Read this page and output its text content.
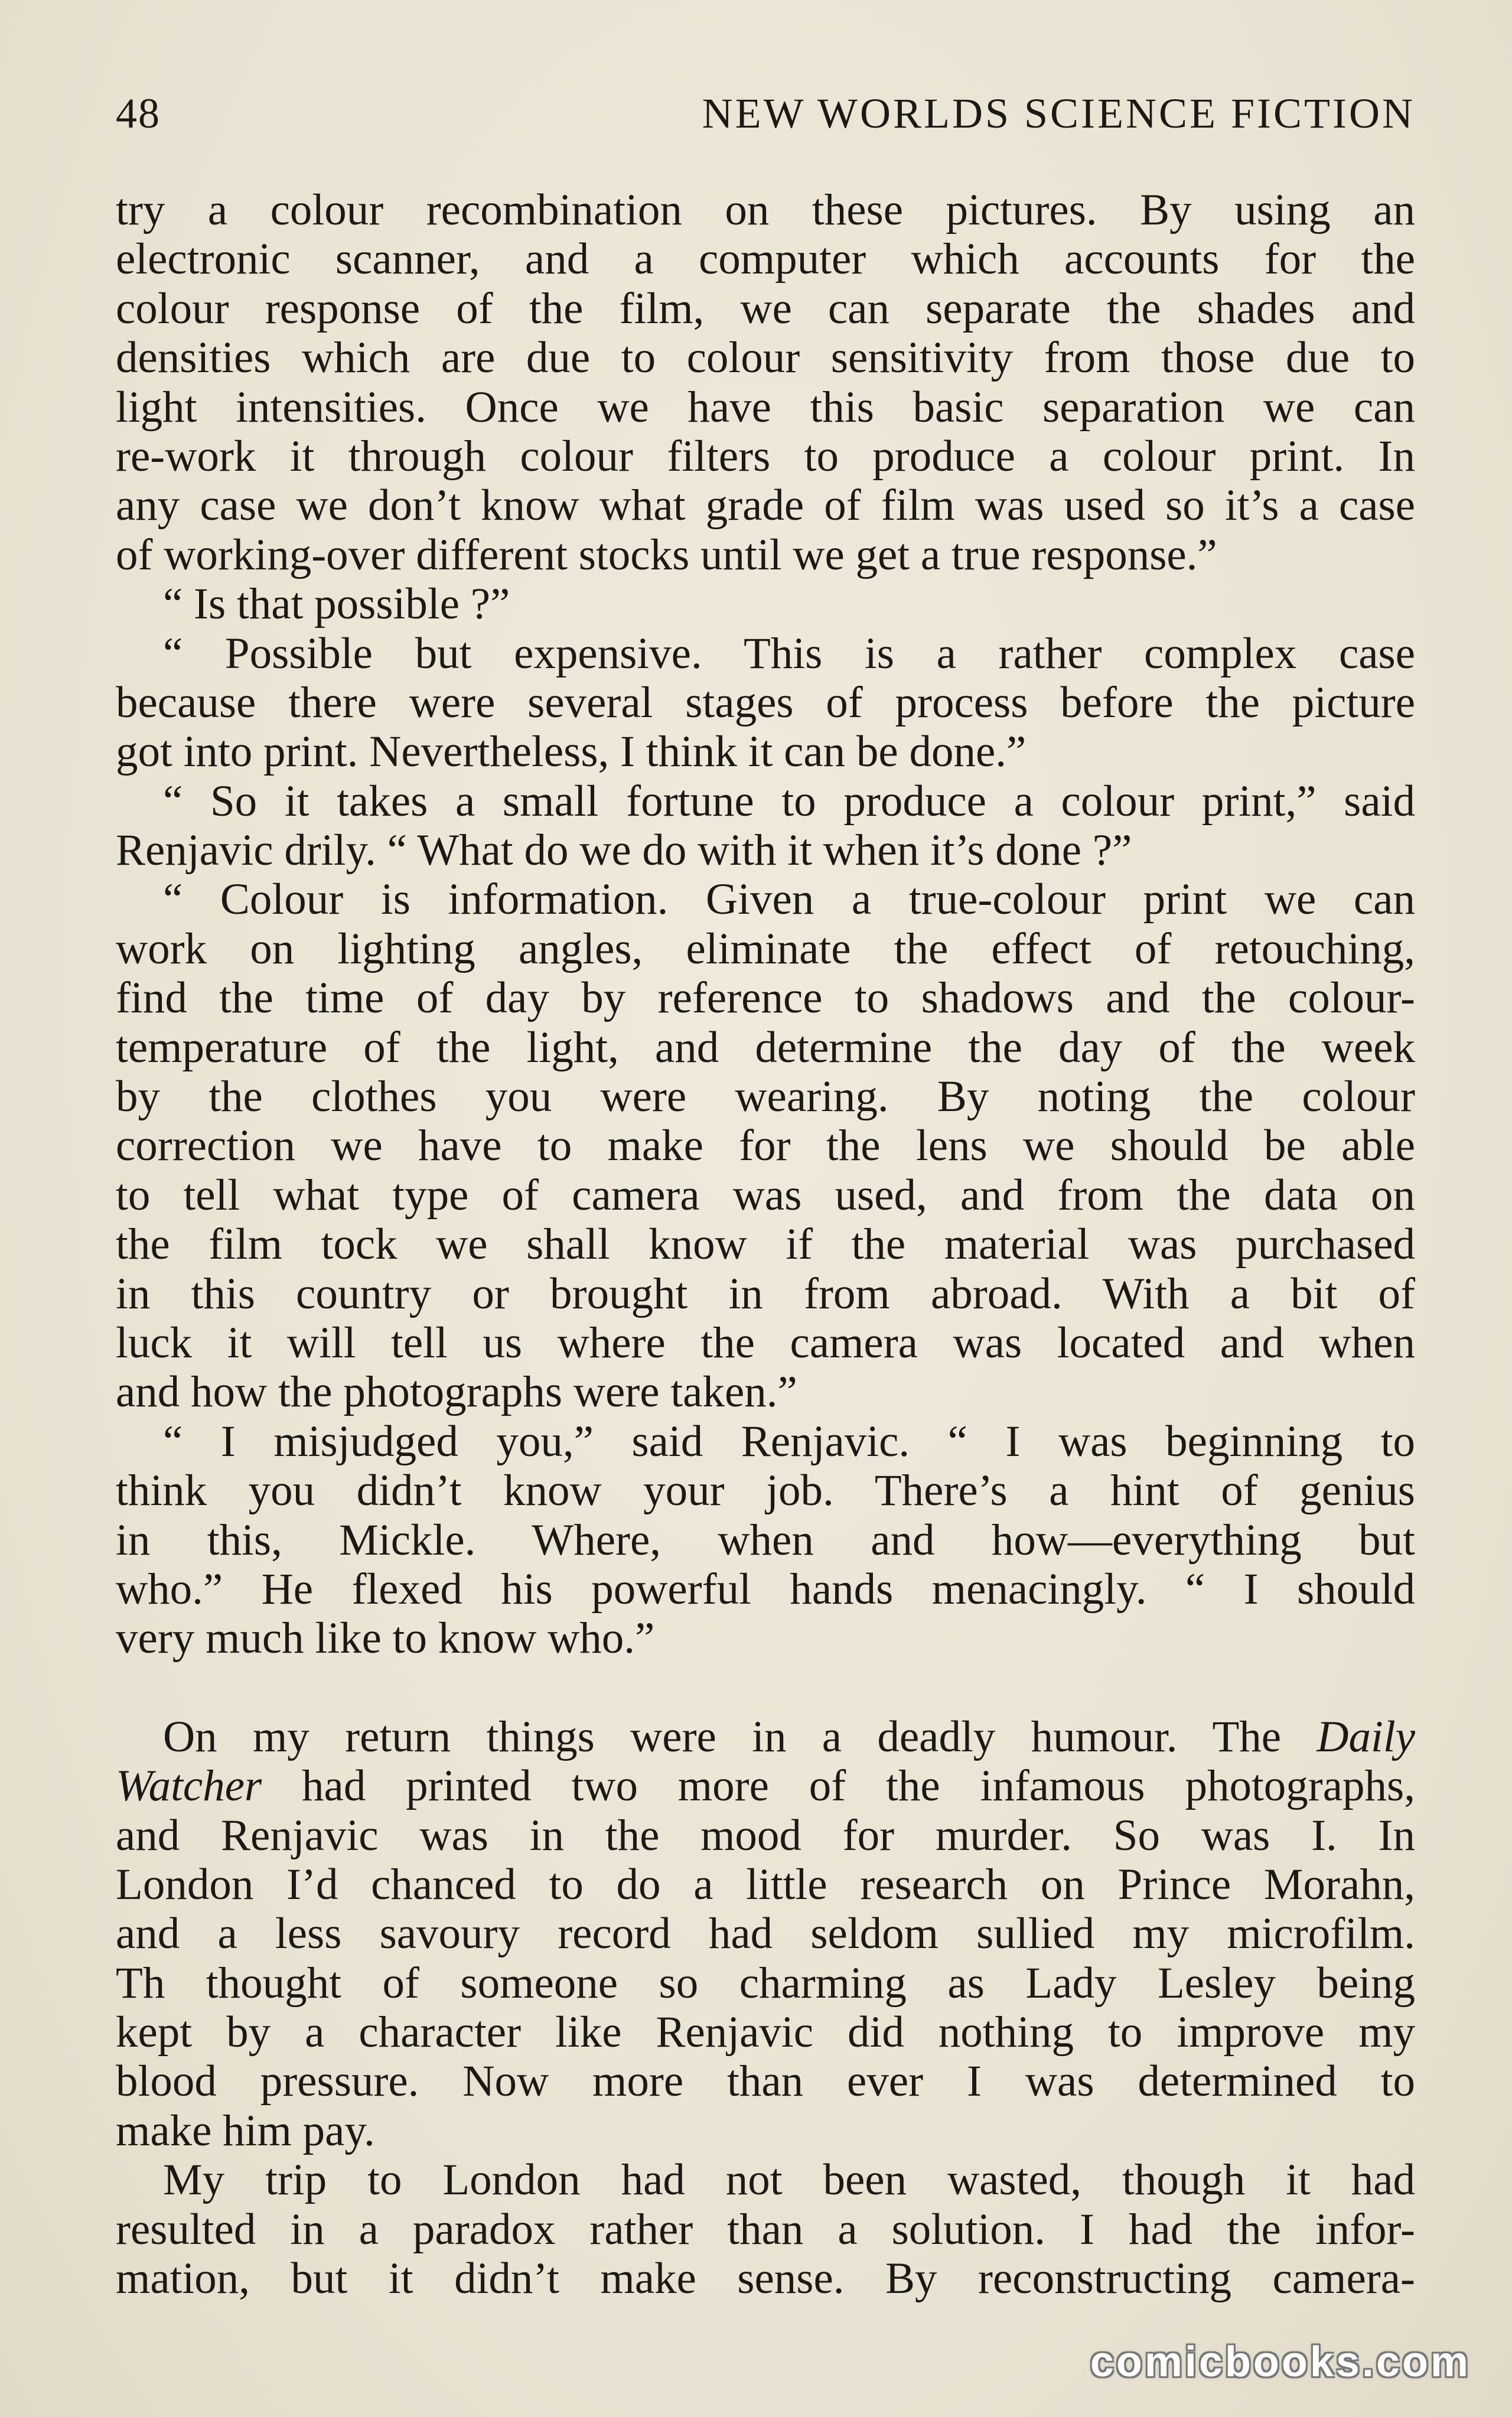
48	NEW WORLDS SCIENCE FICTION
try a colour recombination on these pictures. By using an
electronic scanner, and a computer which accounts for the
colour response of the film, we can separate the shades and
densities which are due to colour sensitivity from those due to
light intensities. Once we have this basic separation we can
re-work it through colour filters to produce a colour print. In
any case we don’t know what grade of film was used so it’s a case
of working-over different stocks until we get a true response.”
“ Is that possible ?”
“ Possible but expensive. This is a rather complex case
because there were several stages of process before the picture
got into print. Nevertheless, I think it can be done.”
“ So it takes a small fortune to produce a colour print,” said
Renjavic drily. “ What do we do with it when it’s done ?”
“ Colour is information. Given a true-colour print we can
work on lighting angles, eliminate the effect of retouching,
find the time of day by reference to shadows and the colour-
temperature of the light, and determine the day of the week
by the clothes you were wearing. By noting the colour
correction we have to make for the lens we should be able
to tell what type of camera was used, and from the data on
the film tock we shall know if the material was purchased
in this country or brought in from abroad. With a bit of
luck it will tell us where the camera was located and when
and how the photographs were taken.”
“ I misjudged you,” said Renjavic. “ I was beginning to
think you didn’t know your job. There’s a hint of genius
in this, Mickle. Where, when and how—everything but
who.” He flexed his powerful hands menacingly. “ I should
very much like to know who.”
On my return things were in a deadly humour. The Daily
Watcher had printed two more of the infamous photographs,
and Renjavic was in the mood for murder. So was I. In
London I’d chanced to do a little research on Prince Morahn,
and a less savoury record had seldom sullied my microfilm.
Th thought of someone so charming as Lady Lesley being
kept by a character like Renjavic did nothing to improve my
blood pressure. Now more than ever I was determined to
make him pay.
My trip to London had not been wasted, though it had
resulted in a paradox rather than a solution. I had the infor-
mation, but it didn’t make sense. By reconstructing camera-
comicbooks.com
